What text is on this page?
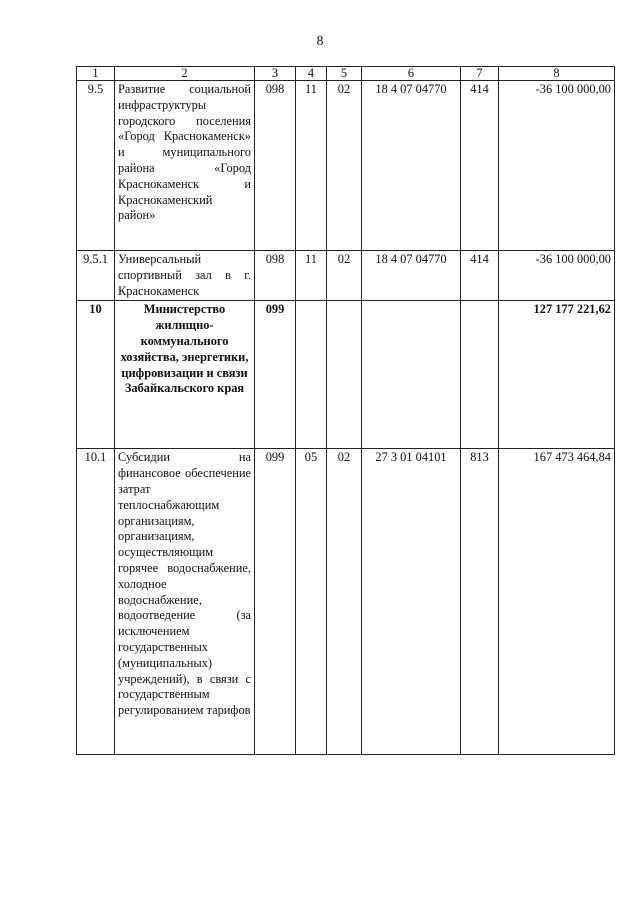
8
1	2	3	4	5	6	7	8
9.5	Развитие социальной инфраструктуры городского поселения «Город Краснокаменск» и муниципального района «Город Краснокаменск и Краснокаменский район»	098	11	02	18 4 07 04770	414	-36 100 000,00
9.5.1	Универсальный спортивный зал в г. Краснокаменск	098	11	02	18 4 07 04770	414	-36 100 000,00
10	Министерство жилищно-коммунального хозяйства, энергетики, цифровизации и связи Забайкальского края	099					127 177 221,62
10.1	Субсидии на финансовое обеспечение затрат теплоснабжающим организациям, организациям, осуществляющим горячее водоснабжение, холодное водоснабжение, водоотведение (за исключением государственных (муниципальных) учреждений), в связи с государственным регулированием тарифов	099	05	02	27 3 01 04101	813	167 473 464,84
